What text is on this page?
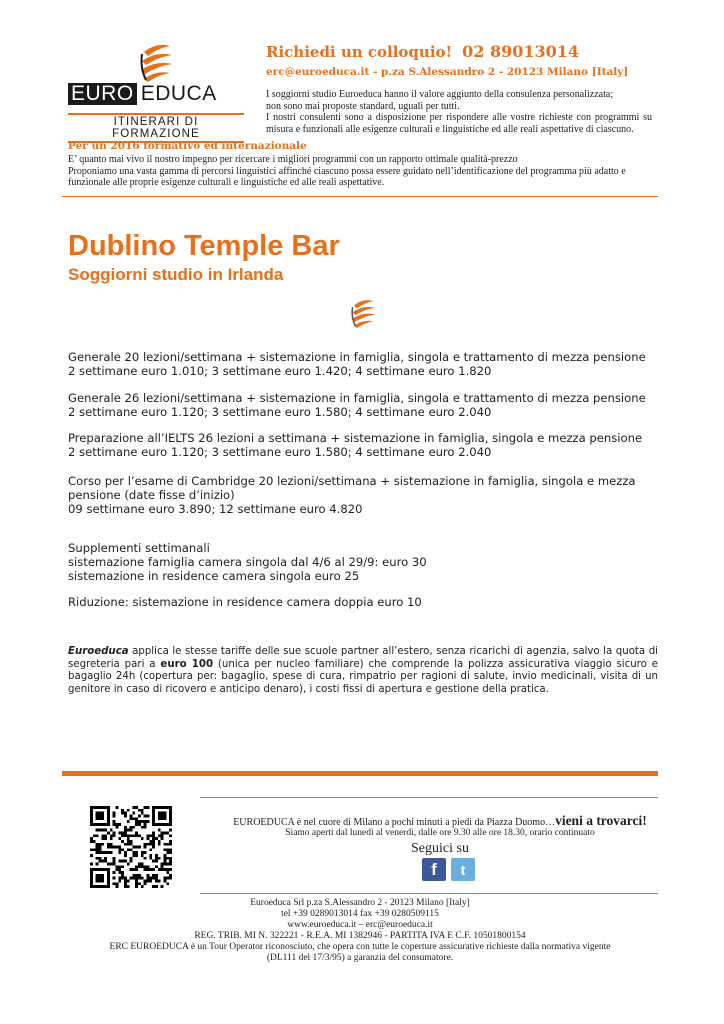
EURO EDUCA
ITINERARI DI FORMAZIONE
Richiedi un colloquio! 02 89013014
erc@euroeduca.it - p.za S.Alessandro 2 - 20123 Milano [Italy]
I soggiorni studio Euroeduca hanno il valore aggiunto della consulenza personalizzata;
non sono mai proposte standard, uguali per tutti.
I nostri consulenti sono a disposizione per rispondere alle vostre richieste con programmi su misura e funzionali alle esigenze culturali e linguistiche ed alle reali aspettative di ciascuno.
Per un 2016 formativo ed internazionale
E’ quanto mai vivo il nostro impegno per ricercare i migliori programmi con un rapporto ottimale qualità-prezzo
Proponiamo una vasta gamma di percorsi linguistici affinché ciascuno possa essere guidato nell’identificazione del programma più adatto e funzionale alle proprie esigenze culturali e linguistiche ed alle reali aspettative.
Dublino Temple Bar
Soggiorni studio in Irlanda
Generale 20 lezioni/settimana + sistemazione in famiglia, singola e trattamento di mezza pensione
2 settimane euro 1.010; 3 settimane euro 1.420; 4 settimane euro 1.820
Generale 26 lezioni/settimana + sistemazione in famiglia, singola e trattamento di mezza pensione
2 settimane euro 1.120; 3 settimane euro 1.580; 4 settimane euro 2.040
Preparazione all’IELTS 26 lezioni a settimana + sistemazione in famiglia, singola e mezza pensione
2 settimane euro 1.120; 3 settimane euro 1.580; 4 settimane euro 2.040
Corso per l’esame di Cambridge 20 lezioni/settimana + sistemazione in famiglia, singola e mezza pensione (date fisse d’inizio)
09 settimane euro 3.890; 12 settimane euro 4.820
Supplementi settimanali
sistemazione famiglia camera singola dal 4/6 al 29/9: euro 30
sistemazione in residence camera singola euro 25
Riduzione: sistemazione in residence camera doppia euro 10
Euroeduca applica le stesse tariffe delle sue scuole partner all’estero, senza ricarichi di agenzia, salvo la quota di segreteria pari a euro 100 (unica per nucleo familiare) che comprende la polizza assicurativa viaggio sicuro e bagaglio 24h (copertura per: bagaglio, spese di cura, rimpatrio per ragioni di salute, invio medicinali, visita di un genitore in caso di ricovero e anticipo denaro), i costi fissi di apertura e gestione della pratica.
EUROEDUCA è nel cuore di Milano a pochi minuti a piedi da Piazza Duomo…vieni a trovarci!
Siamo aperti dal lunedì al venerdì, dalle ore 9.30 alle ore 18.30, orario continuato
Seguici su
f	t
Euroeduca Srl p.za S.Alessandro 2 - 20123 Milano [Italy]
tel +39 0289013014 fax +39 0280509115
www.euroeduca.it – erc@euroeduca.it
REG. TRIB. MI N. 322221 - R.E.A. MI 1382946 - PARTITA IVA E C.F. 10501800154
ERC EUROEDUCA è un Tour Operator riconosciuto, che opera con tutte le coperture assicurative richieste dalla normativa vigente
(DL111 del 17/3/95) a garanzia del consumatore.
